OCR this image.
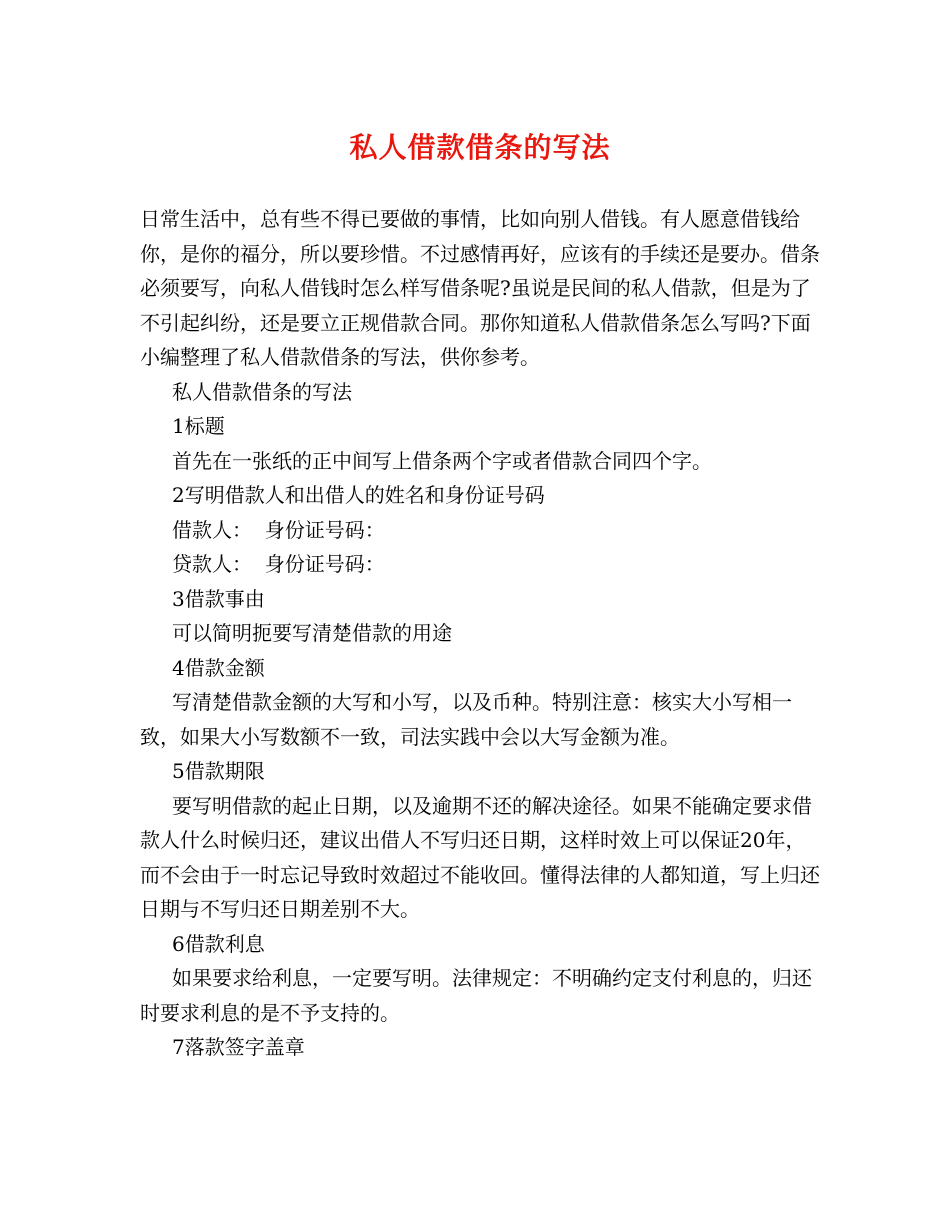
私人借款借条的写法

日常生活中，总有些不得已要做的事情，比如向别人借钱。有人愿意借钱给你，是你的福分，所以要珍惜。不过感情再好，应该有的手续还是要办。借条必须要写，向私人借钱时怎么样写借条呢?虽说是民间的私人借款，但是为了不引起纠纷，还是要立正规借款合同。那你知道私人借款借条怎么写吗?下面小编整理了私人借款借条的写法，供你参考。

私人借款借条的写法

1标题

首先在一张纸的正中间写上借条两个字或者借款合同四个字。

2写明借款人和出借人的姓名和身份证号码

借款人：  身份证号码：

贷款人：  身份证号码：

3借款事由

可以简明扼要写清楚借款的用途

4借款金额

写清楚借款金额的大写和小写，以及币种。特别注意：核实大小写相一致，如果大小写数额不一致，司法实践中会以大写金额为准。

5借款期限

要写明借款的起止日期，以及逾期不还的解决途径。如果不能确定要求借款人什么时候归还，建议出借人不写归还日期，这样时效上可以保证20年，而不会由于一时忘记导致时效超过不能收回。懂得法律的人都知道，写上归还日期与不写归还日期差别不大。

6借款利息

如果要求给利息，一定要写明。法律规定：不明确约定支付利息的，归还时要求利息的是不予支持的。

7落款签字盖章
